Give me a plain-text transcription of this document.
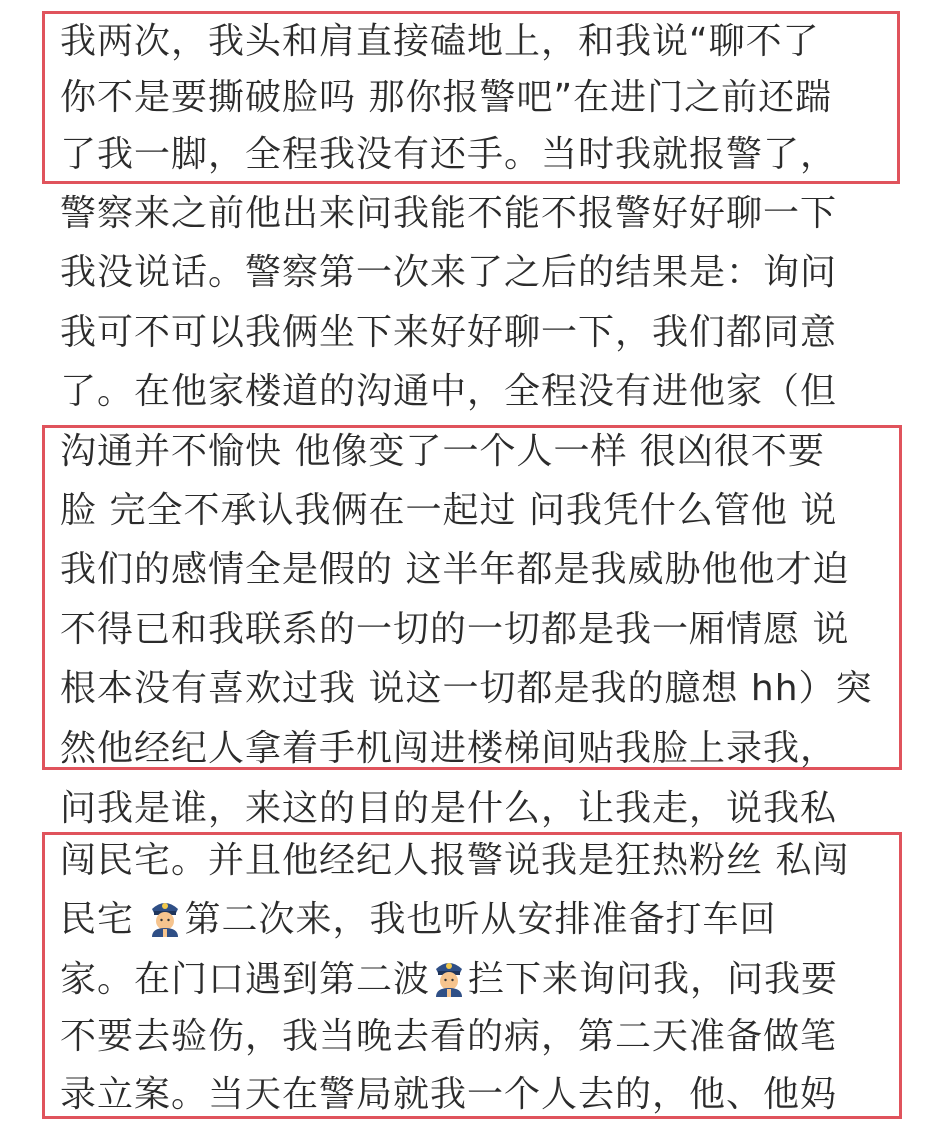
我两次，我头和肩直接磕地上，和我说“聊不了
你不是要撕破脸吗 那你报警吧”在进门之前还踹
了我一脚，全程我没有还手。当时我就报警了，
警察来之前他出来问我能不能不报警好好聊一下
我没说话。警察第一次来了之后的结果是：询问
我可不可以我俩坐下来好好聊一下，我们都同意
了。在他家楼道的沟通中，全程没有进他家（但
沟通并不愉快 他像变了一个人一样 很凶很不要
脸 完全不承认我俩在一起过 问我凭什么管他 说
我们的感情全是假的 这半年都是我威胁他他才迫
不得已和我联系的一切的一切都是我一厢情愿 说
根本没有喜欢过我 说这一切都是我的臆想 hh）突
然他经纪人拿着手机闯进楼梯间贴我脸上录我，
问我是谁，来这的目的是什么，让我走，说我私
闯民宅。并且他经纪人报警说我是狂热粉丝 私闯
民宅 第二次来，我也听从安排准备打车回
家。在门口遇到第二波 拦下来询问我，问我要
不要去验伤，我当晚去看的病，第二天准备做笔
录立案。当天在警局就我一个人去的，他、他妈
